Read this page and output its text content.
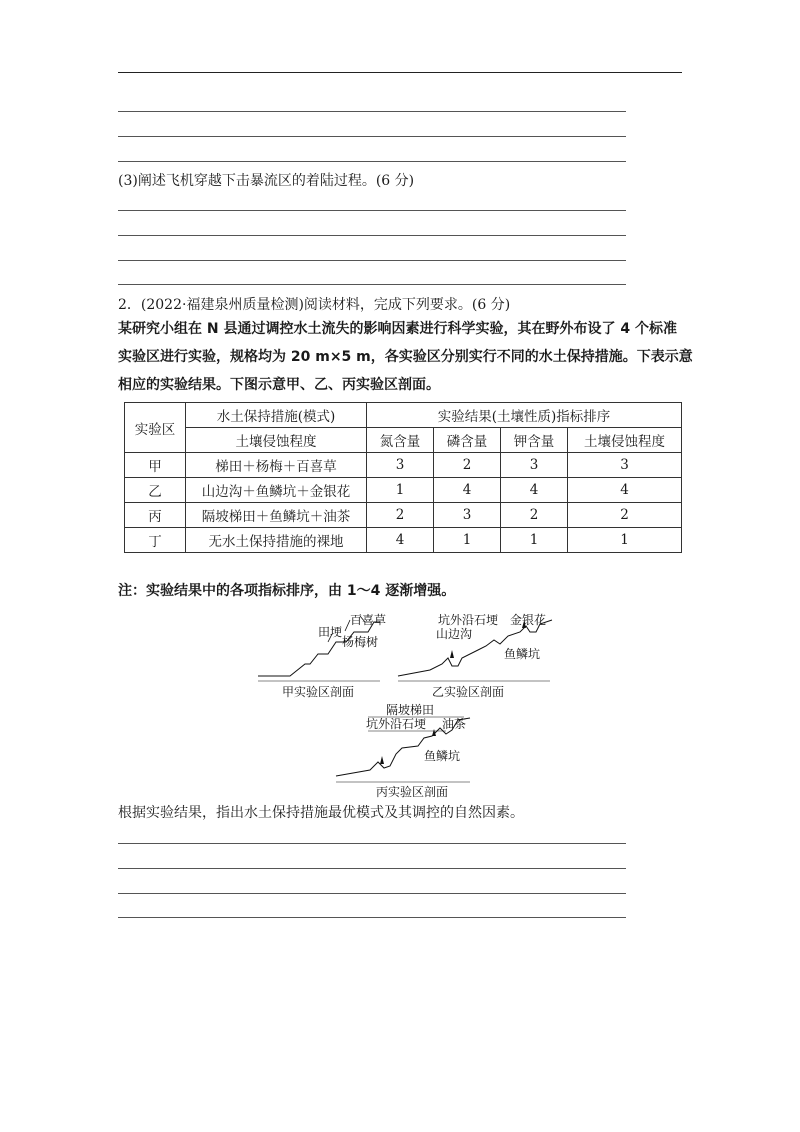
(3)阐述飞机穿越下击暴流区的着陆过程。(6 分)
2．(2022·福建泉州质量检测)阅读材料，完成下列要求。(6 分)
某研究小组在 N 县通过调控水土流失的影响因素进行科学实验，其在野外布设了 4 个标准
实验区进行实验，规格均为 20 m×5 m，各实验区分别实行不同的水土保持措施。下表示意
相应的实验结果。下图示意甲、乙、丙实验区剖面。
实验区	水土保持措施(模式)	实验结果(土壤性质)指标排序			
	土壤侵蚀程度	氮含量	磷含量	钾含量	土壤侵蚀程度
甲	梯田＋杨梅＋百喜草	3	2	3	3
乙	山边沟＋鱼鳞坑＋金银花	1	4	4	4
丙	隔坡梯田＋鱼鳞坑＋油茶	2	3	2	2
丁	无水土保持措施的裸地	4	1	1	1
注：实验结果中的各项指标排序，由 1～4 逐渐增强。
百喜草
田埂
杨梅树
甲实验区剖面
坑外沿石埂 金银花
山边沟
鱼鳞坑
乙实验区剖面
隔坡梯田
坑外沿石埂 油茶
鱼鳞坑
丙实验区剖面
根据实验结果，指出水土保持措施最优模式及其调控的自然因素。
